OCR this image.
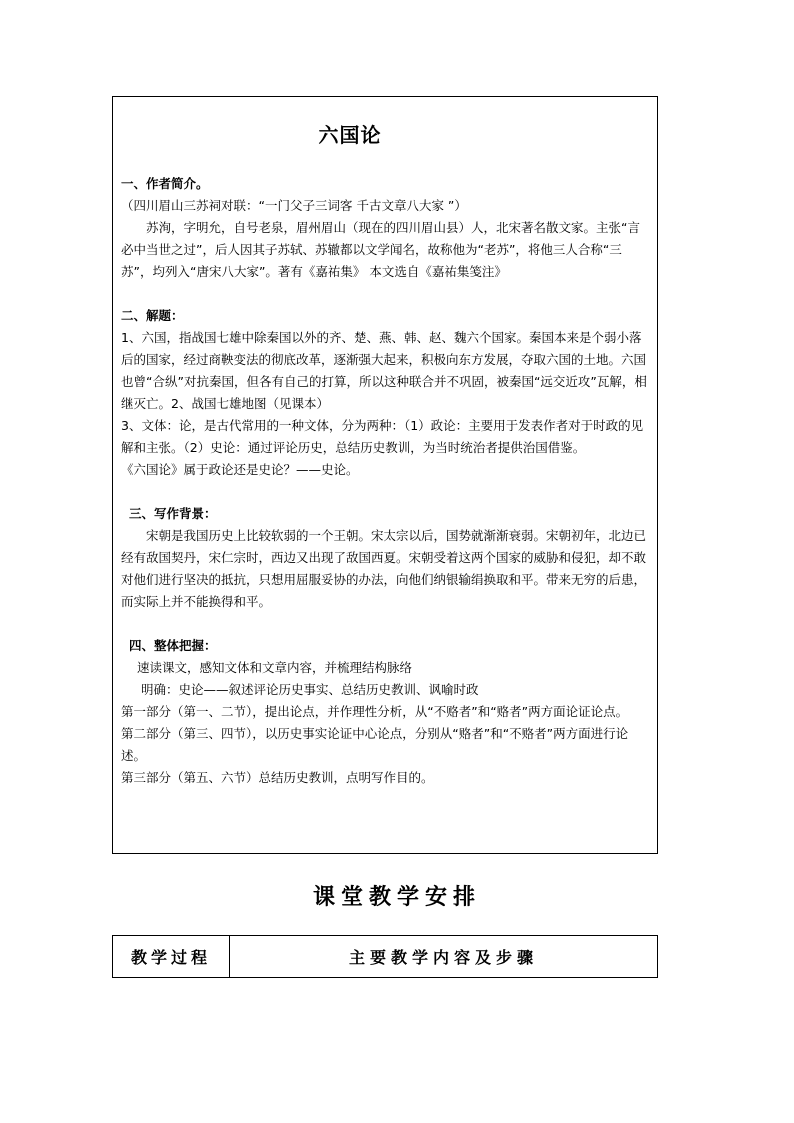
六国论

一、作者简介。

（四川眉山三苏祠对联：“一门父子三词客 千古文章八大家 ”）

苏洵，字明允，自号老泉，眉州眉山（现在的四川眉山县）人，北宋著名散文家。主张“言必中当世之过”，后人因其子苏轼、苏辙都以文学闻名，故称他为“老苏”，将他三人合称“三苏”，均列入“唐宋八大家”。著有《嘉祐集》 本文选自《嘉祐集笺注》

二、解题：

1、六国，指战国七雄中除秦国以外的齐、楚、燕、韩、赵、魏六个国家。秦国本来是个弱小落后的国家，经过商鞅变法的彻底改革，逐渐强大起来，积极向东方发展，夺取六国的土地。六国也曾“合纵”对抗秦国，但各有自己的打算，所以这种联合并不巩固，被秦国“远交近攻”瓦解，相继灭亡。2、战国七雄地图（见课本）

3、文体：论，是古代常用的一种文体，分为两种：（1）政论：主要用于发表作者对于时政的见解和主张。（2）史论：通过评论历史，总结历史教训，为当时统治者提供治国借鉴。

《六国论》属于政论还是史论？——史论。

三、写作背景：

宋朝是我国历史上比较软弱的一个王朝。宋太宗以后，国势就渐渐衰弱。宋朝初年，北边已经有敌国契丹，宋仁宗时，西边又出现了敌国西夏。宋朝受着这两个国家的威胁和侵犯，却不敢对他们进行坚决的抵抗，只想用屈服妥协的办法，向他们纳银输绢换取和平。带来无穷的后患，而实际上并不能换得和平。

四、整体把握：

速读课文，感知文体和文章内容，并梳理结构脉络

明确：史论——叙述评论历史事实、总结历史教训、讽喻时政

第一部分（第一、二节），提出论点，并作理性分析，从“不赂者”和“赂者”两方面论证论点。

第二部分（第三、四节），以历史事实论证中心论点，分别从“赂者”和“不赂者”两方面进行论述。

第三部分（第五、六节）总结历史教训，点明写作目的。

课堂教学安排
教学过程	主要教学内容及步骤
